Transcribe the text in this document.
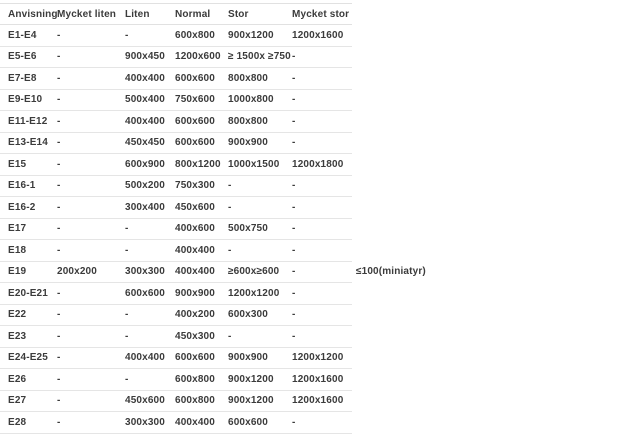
Anvisning	Mycket liten	Liten	Normal	Stor	Mycket stor	
E1-E4	-	-	600x800	900x1200	1200x1600	
E5-E6	-	900x450	1200x600	≥ 1500x ≥750	-	
E7-E8	-	400x400	600x600	800x800	-	
E9-E10	-	500x400	750x600	1000x800	-	
E11-E12	-	400x400	600x600	800x800	-	
E13-E14	-	450x450	600x600	900x900	-	
E15	-	600x900	800x1200	1000x1500	1200x1800	
E16-1	-	500x200	750x300	-	-	
E16-2	-	300x400	450x600	-	-	
E17	-	-	400x600	500x750	-	
E18	-	-	400x400	-	-	
E19	200x200	300x300	400x400	≥600x≥600	-	≤100(miniatyr)
E20-E21	-	600x600	900x900	1200x1200	-	
E22	-	-	400x200	600x300	-	
E23	-	-	450x300	-	-	
E24-E25	-	400x400	600x600	900x900	1200x1200	
E26	-	-	600x800	900x1200	1200x1600	
E27	-	450x600	600x800	900x1200	1200x1600	
E28	-	300x300	400x400	600x600	-	
